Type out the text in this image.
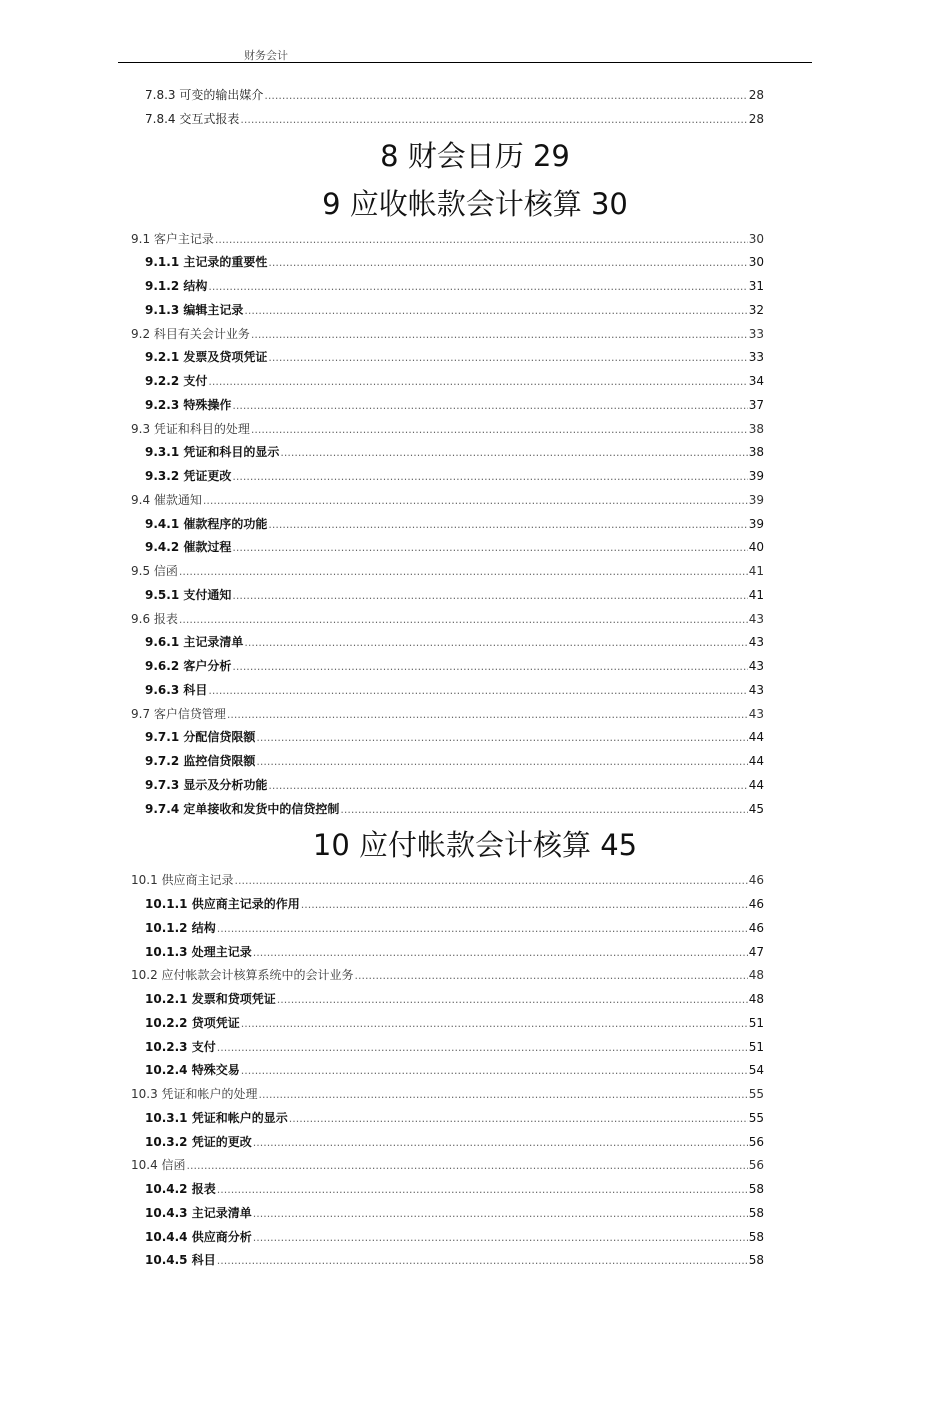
财务会计
7.8.3 可变的输出媒介 .....	28
7.8.4 交互式报表 .....	28
8 财会日历 29
9 应收帐款会计核算 30
9.1 客户主记录 .....	30
9.1.1 主记录的重要性 .....	30
9.1.2 结构 .....	31
9.1.3 编辑主记录 .....	32
9.2 科目有关会计业务 .....	33
9.2.1 发票及贷项凭证 .....	33
9.2.2 支付 .....	34
9.2.3 特殊操作 .....	37
9.3 凭证和科目的处理 .....	38
9.3.1 凭证和科目的显示 .....	38
9.3.2 凭证更改 .....	39
9.4 催款通知 .....	39
9.4.1 催款程序的功能 .....	39
9.4.2 催款过程 .....	40
9.5 信函 .....	41
9.5.1 支付通知 .....	41
9.6 报表 .....	43
9.6.1 主记录清单 .....	43
9.6.2 客户分析 .....	43
9.6.3 科目 .....	43
9.7 客户信贷管理 .....	43
9.7.1 分配信贷限额 .....	44
9.7.2 监控信贷限额 .....	44
9.7.3 显示及分析功能 .....	44
9.7.4 定单接收和发货中的信贷控制 .....	45
10 应付帐款会计核算 45
10.1 供应商主记录 .....	46
10.1.1 供应商主记录的作用 .....	46
10.1.2 结构 .....	46
10.1.3 处理主记录 .....	47
10.2 应付帐款会计核算系统中的会计业务 .....	48
10.2.1 发票和贷项凭证 .....	48
10.2.2 贷项凭证 .....	51
10.2.3 支付 .....	51
10.2.4 特殊交易 .....	54
10.3 凭证和帐户的处理 .....	55
10.3.1 凭证和帐户的显示 .....	55
10.3.2 凭证的更改 .....	56
10.4 信函 .....	56
10.4.2 报表 .....	58
10.4.3 主记录清单 .....	58
10.4.4 供应商分析 .....	58
10.4.5 科目 .....	58
